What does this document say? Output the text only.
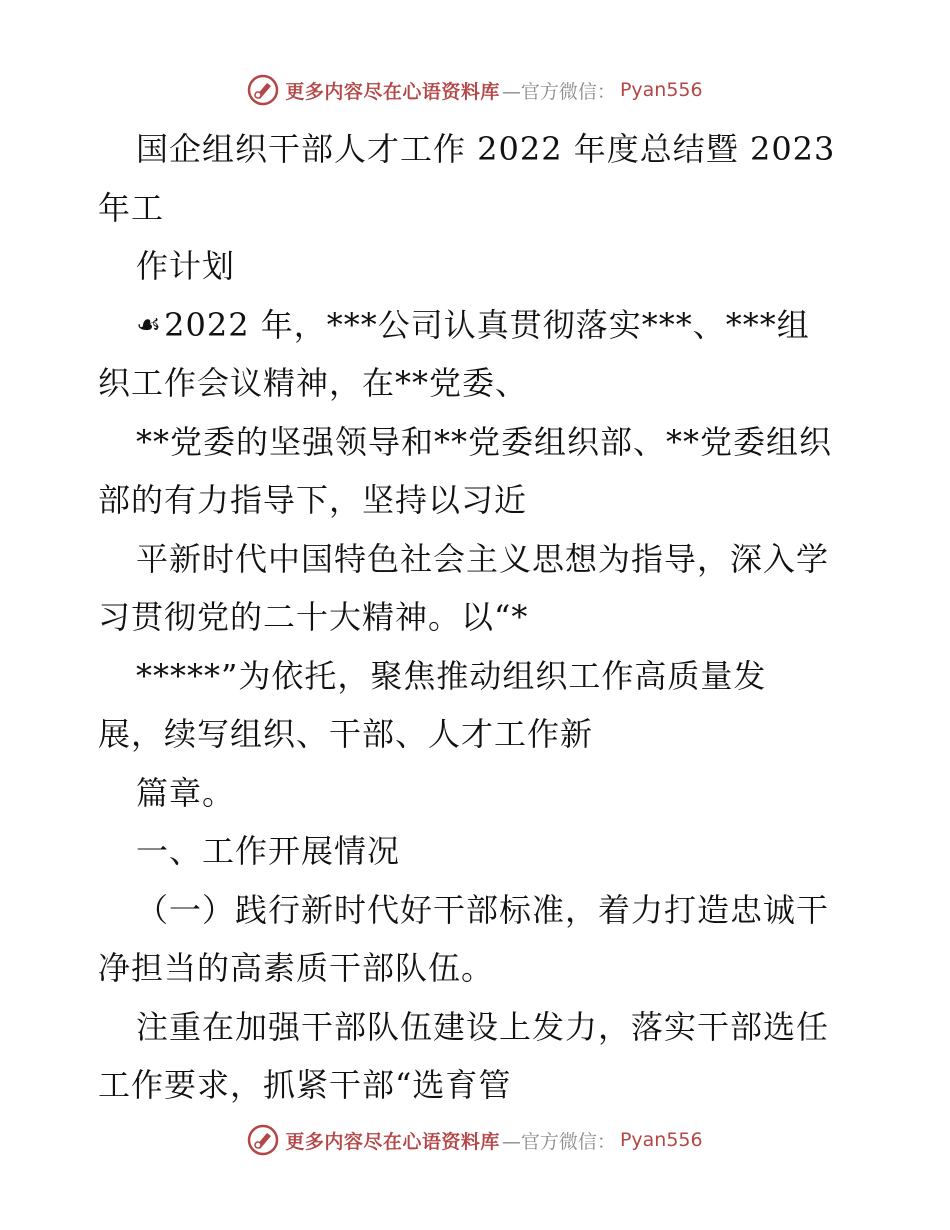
更多内容尽在心语资料库 —官方微信： Pyan556
国企组织干部人才工作 2022 年度总结暨 2023
年工
作计划
☙2022 年，***公司认真贯彻落实***、***组
织工作会议精神，在**党委、
**党委的坚强领导和**党委组织部、**党委组织
部的有力指导下，坚持以习近
平新时代中国特色社会主义思想为指导，深入学
习贯彻党的二十大精神。以“*
*****”为依托，聚焦推动组织工作高质量发
展，续写组织、干部、人才工作新
篇章。
一、工作开展情况
（一）践行新时代好干部标准，着力打造忠诚干
净担当的高素质干部队伍。
注重在加强干部队伍建设上发力，落实干部选任
工作要求，抓紧干部“选育管
更多内容尽在心语资料库 —官方微信： Pyan556
